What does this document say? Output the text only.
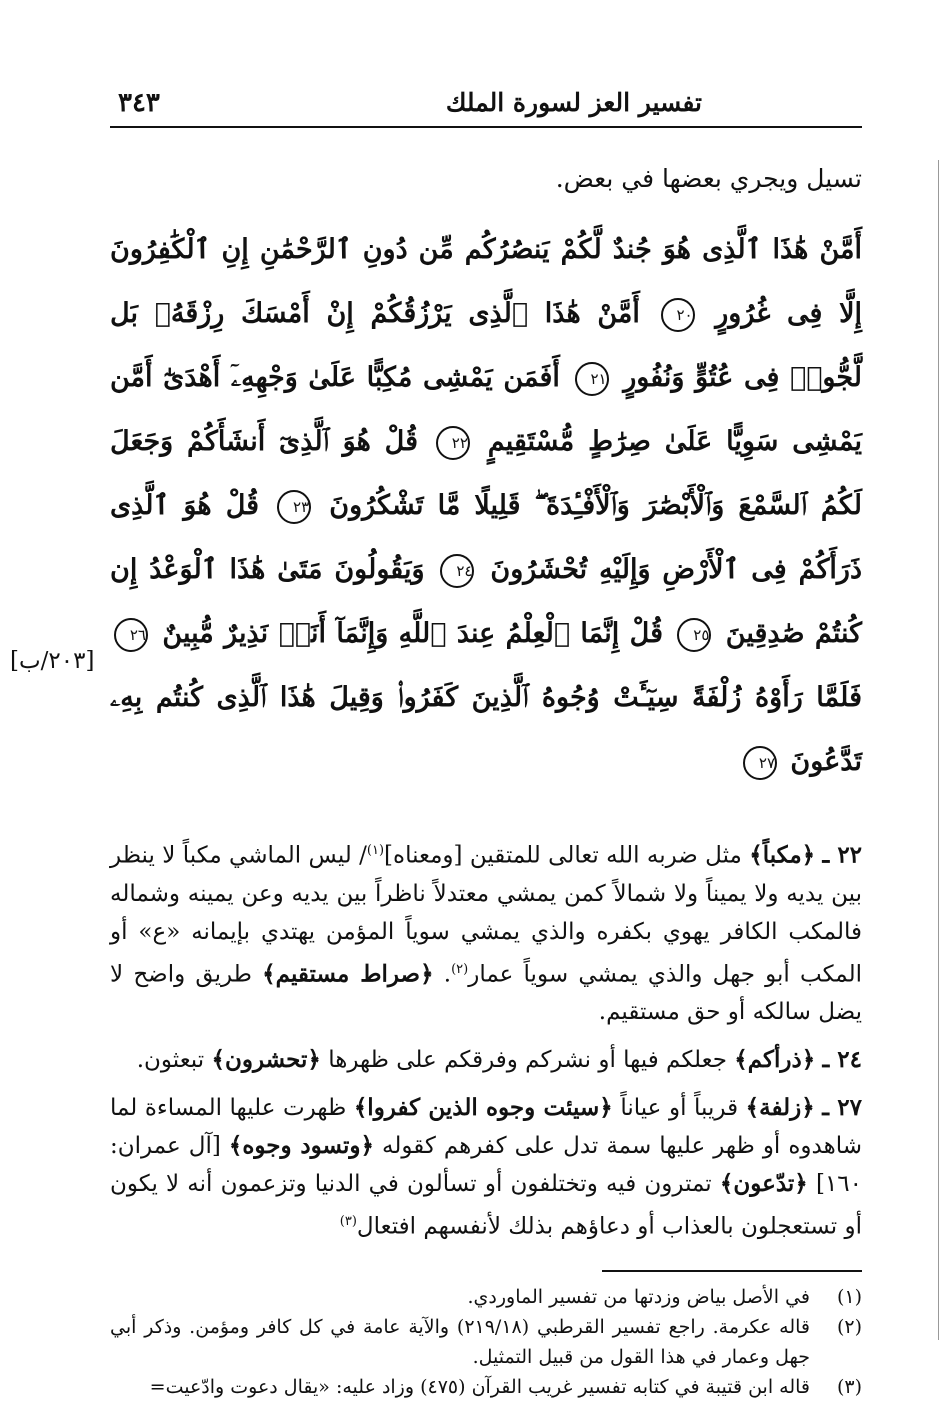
[٢٠٣/ب]
تفسير العز لسورة الملك
٣٤٣
تسيل ويجري بعضها في بعض.
أَمَّنْ هَٰذَا ٱلَّذِى هُوَ جُندٌ لَّكُمْ يَنصُرُكُم مِّن دُونِ ٱلرَّحْمَٰنِ إِنِ ٱلْكَٰفِرُونَ إِلَّا فِى غُرُورٍ ٢٠ أَمَّنْ هَٰذَا ٱلَّذِى يَرْزُقُكُمْ إِنْ أَمْسَكَ رِزْقَهُۥ بَل لَّجُّوا۟ فِى عُتُوٍّ وَنُفُورٍ ٢١ أَفَمَن يَمْشِى مُكِبًّا عَلَىٰ وَجْهِهِۦٓ أَهْدَىٰٓ أَمَّن يَمْشِى سَوِيًّا عَلَىٰ صِرَٰطٍ مُّسْتَقِيمٍ ٢٢ قُلْ هُوَ ٱلَّذِىٓ أَنشَأَكُمْ وَجَعَلَ لَكُمُ ٱلسَّمْعَ وَٱلْأَبْصَٰرَ وَٱلْأَفْـِٔدَةَ ۖ قَلِيلًا مَّا تَشْكُرُونَ ٢٣ قُلْ هُوَ ٱلَّذِى ذَرَأَكُمْ فِى ٱلْأَرْضِ وَإِلَيْهِ تُحْشَرُونَ ٢٤ وَيَقُولُونَ مَتَىٰ هَٰذَا ٱلْوَعْدُ إِن كُنتُمْ صَٰدِقِينَ ٢٥ قُلْ إِنَّمَا ٱلْعِلْمُ عِندَ ٱللَّهِ وَإِنَّمَآ أَنَا۠ نَذِيرٌ مُّبِينٌ ٢٦ فَلَمَّا رَأَوْهُ زُلْفَةً سِيٓـَٔتْ وُجُوهُ ٱلَّذِينَ كَفَرُوا۟ وَقِيلَ هَٰذَا ٱلَّذِى كُنتُم بِهِۦ تَدَّعُونَ ٢٧

٢٢ ـ ﴿مكباً﴾ مثل ضربه الله تعالى للمتقين [ومعناه]$^{(١)}$/ ليس الماشي مكباً لا ينظر بين يديه ولا يميناً ولا شمالاً كمن يمشي معتدلاً ناظراً بين يديه وعن يمينه وشماله فالمكب الكافر يهوي بكفره والذي يمشي سوياً المؤمن يهتدي بإيمانه «ع» أو المكب أبو جهل والذي يمشي سوياً عمار$^{(٢)}$. ﴿صراط مستقيم﴾ طريق واضح لا يضل سالكه أو حق مستقيم.

٢٤ ـ ﴿ذرأكم﴾ جعلكم فيها أو نشركم وفرقكم على ظهرها ﴿تحشرون﴾ تبعثون.

٢٧ ـ ﴿زلفة﴾ قريباً أو عياناً ﴿سيئت وجوه الذين كفروا﴾ ظهرت عليها المساءة لما شاهدوه أو ظهر عليها سمة تدل على كفرهم كقوله ﴿وتسود وجوه﴾ [آل عمران: ١٦٠] ﴿تدّعون﴾ تمترون فيه وتختلفون أو تسألون في الدنيا وتزعمون أنه لا يكون أو تستعجلون بالعذاب أو دعاؤهم بذلك لأنفسهم افتعال$^{(٣)}$

(١)
في الأصل بياض وزدتها من تفسير الماوردي.
(٢)
قاله عكرمة. راجع تفسير القرطبي (٢١٩/١٨) والآية عامة في كل كافر ومؤمن. وذكر أبي جهل وعمار في هذا القول من قبيل التمثيل.
(٣)
قاله ابن قتيبة في كتابه تفسير غريب القرآن (٤٧٥) وزاد عليه: «يقال دعوت وادّعيت=
